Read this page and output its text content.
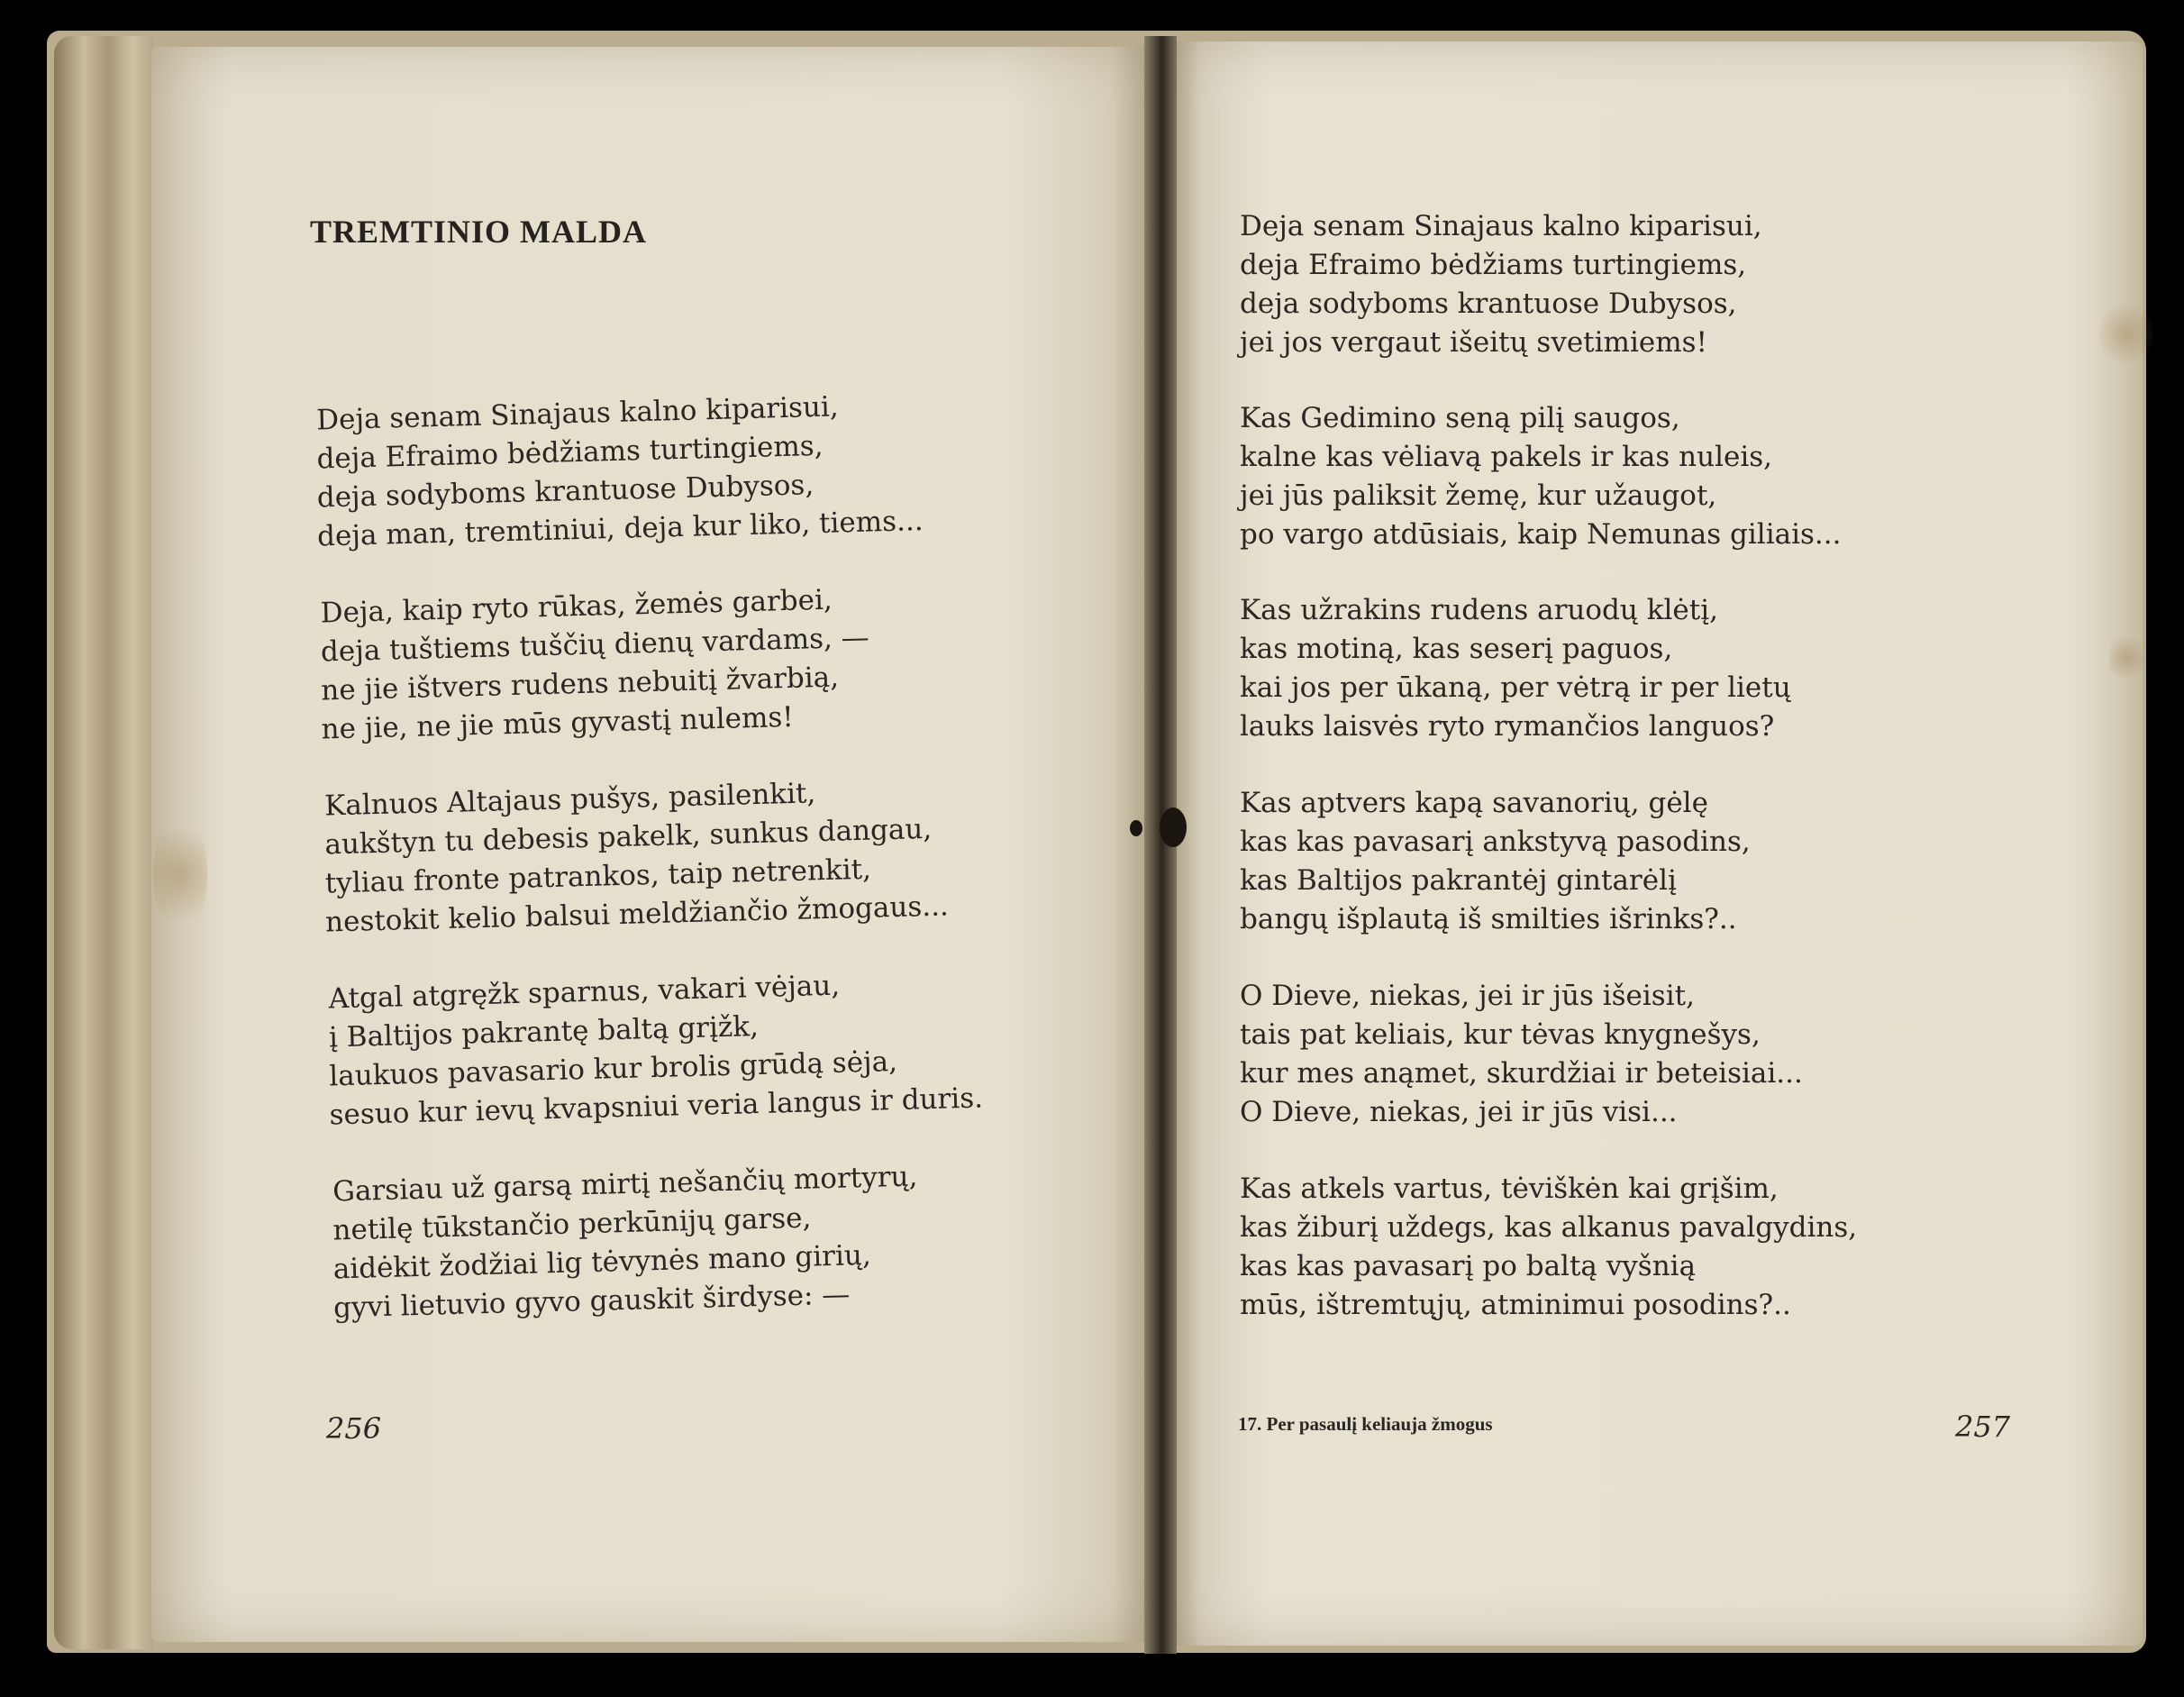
TREMTINIO MALDA
Deja senam Sinajaus kalno kiparisui,
deja Efraimo bėdžiams turtingiems,
deja sodyboms krantuose Dubysos,
deja man, tremtiniui, deja kur liko, tiems...
Deja, kaip ryto rūkas, žemės garbei,
deja tuštiems tuščių dienų vardams, —
ne jie ištvers rudens nebuitį žvarbią,
ne jie, ne jie mūs gyvastį nulems!
Kalnuos Altajaus pušys, pasilenkit,
aukštyn tu debesis pakelk, sunkus dangau,
tyliau fronte patrankos, taip netrenkit,
nestokit kelio balsui meldžiančio žmogaus...
Atgal atgręžk sparnus, vakari vėjau,
į Baltijos pakrantę baltą grįžk,
laukuos pavasario kur brolis grūdą sėja,
sesuo kur ievų kvapsniui veria langus ir duris.
Garsiau už garsą mirtį nešančių mortyrų,
netilę tūkstančio perkūnijų garse,
aidėkit žodžiai lig tėvynės mano girių,
gyvi lietuvio gyvo gauskit širdyse: —
256
Deja senam Sinajaus kalno kiparisui,
deja Efraimo bėdžiams turtingiems,
deja sodyboms krantuose Dubysos,
jei jos vergaut išeitų svetimiems!
Kas Gedimino seną pilį saugos,
kalne kas vėliavą pakels ir kas nuleis,
jei jūs paliksit žemę, kur užaugot,
po vargo atdūsiais, kaip Nemunas giliais...
Kas užrakins rudens aruodų klėtį,
kas motiną, kas seserį paguos,
kai jos per ūkaną, per vėtrą ir per lietų
lauks laisvės ryto rymančios languos?
Kas aptvers kapą savanorių, gėlę
kas kas pavasarį ankstyvą pasodins,
kas Baltijos pakrantėj gintarėlį
bangų išplautą iš smilties išrinks?..
O Dieve, niekas, jei ir jūs išeisit,
tais pat keliais, kur tėvas knygnešys,
kur mes anąmet, skurdžiai ir beteisiai...
O Dieve, niekas, jei ir jūs visi...
Kas atkels vartus, tėviškėn kai grįšim,
kas žiburį uždegs, kas alkanus pavalgydins,
kas kas pavasarį po baltą vyšnią
mūs, ištremtųjų, atminimui posodins?..
17. Per pasaulį keliauja žmogus	257
